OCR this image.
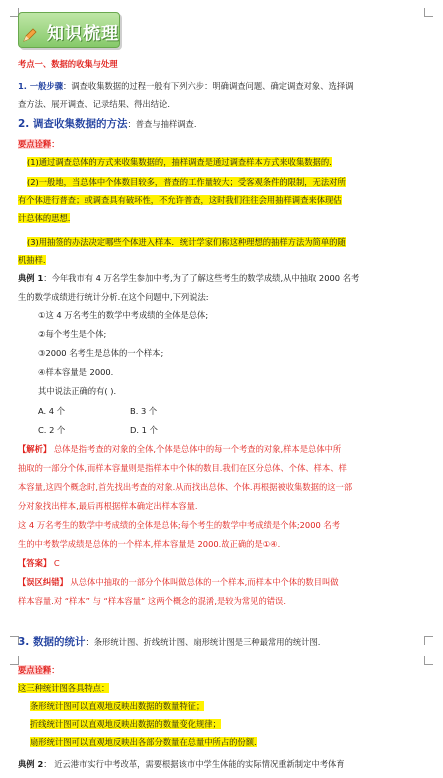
知识梳理
考点一、数据的收集与处理
1. 一般步骤：调查收集数据的过程一般有下列六步：明确调查问题、确定调查对象、选择调
查方法、展开调查、记录结果、得出结论.
2. 调查收集数据的方法：普查与抽样调查.
要点诠释：
(1)通过调查总体的方式来收集数据的，抽样调查是通过调查样本方式来收集数据的.
(2)一般地，当总体中个体数目较多，普查的工作量较大；受客观条件的限制，无法对所
有个体进行普查；或调查具有破坏性，不允许普查，这时我们往往会用抽样调查来体现估
计总体的思想.
(3)用抽签的办法决定哪些个体进入样本．统计学家们称这种理想的抽样方法为简单的随
机抽样.
典例 1：今年我市有 4 万名学生参加中考,为了了解这些考生的数学成绩,从中抽取 2000 名考
生的数学成绩进行统计分析.在这个问题中,下列说法:
①这 4 万名考生的数学中考成绩的全体是总体;
②每个考生是个体;
③2000 名考生是总体的一个样本;
④样本容量是 2000.
其中说法正确的有( ).
A. 4 个	B. 3 个
C. 2 个	D. 1 个
【解析】 总体是指考查的对象的全体,个体是总体中的每一个考查的对象,样本是总体中所
抽取的一部分个体,而样本容量则是指样本中个体的数目.我们在区分总体、个体、样本、样
本容量,这四个概念时,首先找出考查的对象.从而找出总体、个体.再根据被收集数据的这一部
分对象找出样本,最后再根据样本确定出样本容量.
这 4 万名考生的数学中考成绩的全体是总体;每个考生的数学中考成绩是个体;2000 名考
生的中考数学成绩是总体的一个样本,样本容量是 2000.故正确的是①④.
【答案】 C
【误区纠错】 从总体中抽取的一部分个体叫做总体的一个样本,而样本中个体的数目叫做
样本容量.对 “样本” 与 “样本容量” 这两个概念的混淆,是较为常见的错误.
3. 数据的统计：条形统计图、折线统计图、扇形统计图是三种最常用的统计图.
要点诠释：
这三种统计图各具特点：
条形统计图可以直观地反映出数据的数量特征；
折线统计图可以直观地反映出数据的数量变化规律；
扇形统计图可以直观地反映出各部分数量在总量中所占的份额.
典例 2： 近云港市实行中考改革，需要根据该市中学生体能的实际情况重新制定中考体育
